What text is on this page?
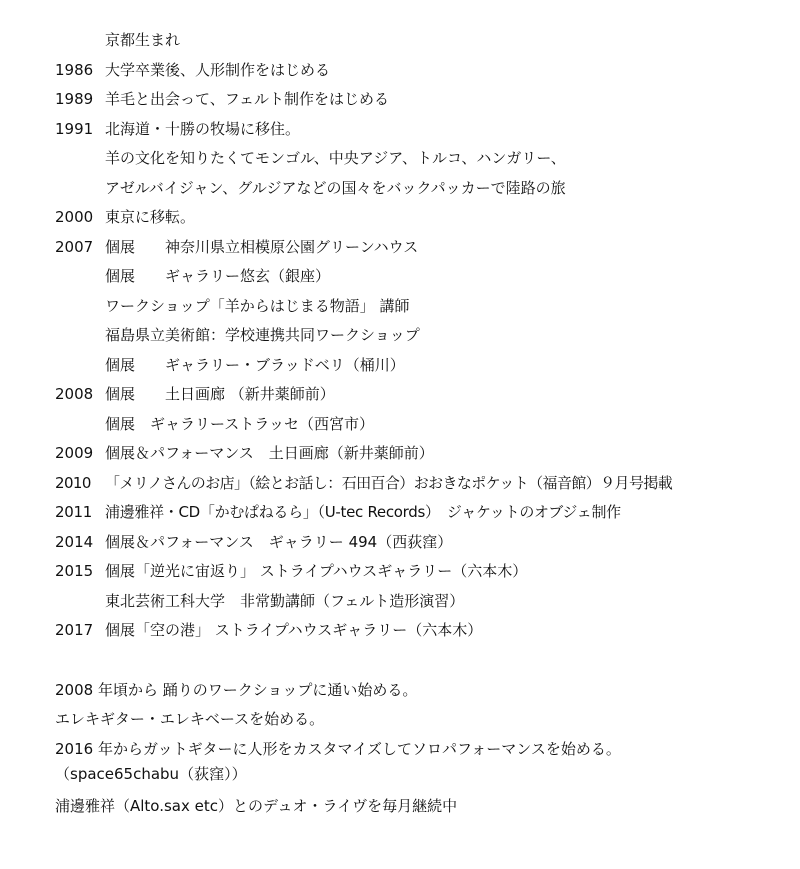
京都生まれ
1986 大学卒業後、人形制作をはじめる
1989 羊毛と出会って、フェルト制作をはじめる
1991 北海道・十勝の牧場に移住。
羊の文化を知りたくてモンゴル、中央アジア、トルコ、ハンガリー、
アゼルバイジャン、グルジアなどの国々をバックパッカーで陸路の旅
2000 東京に移転。
2007 個展　　神奈川県立相模原公園グリーンハウス
個展　　ギャラリー悠玄（銀座）
ワークショップ「羊からはじまる物語」 講師
福島県立美術館：学校連携共同ワークショップ
個展　　ギャラリー・ブラッドベリ（桶川）
2008 個展　　土日画廊 （新井薬師前）
個展　ギャラリーストラッセ（西宮市）
2009 個展＆パフォーマンス　土日画廊（新井薬師前）
2010 「メリノさんのお店」（絵とお話し：石田百合）おおきなポケット（福音館）９月号掲載
2011 浦邊雅祥・CD「かむぱねるら」（U-tec Records）　ジャケットのオブジェ制作
2014 個展＆パフォーマンス　ギャラリー 494（西荻窪）
2015 個展「逆光に宙返り」 ストライプハウスギャラリー（六本木）
東北芸術工科大学　非常勤講師（フェルト造形演習）
2017 個展「空の港」 ストライプハウスギャラリー（六本木）
2008 年頃から 踊りのワークショップに通い始める。
エレキギター・エレキベースを始める。
2016 年からガットギターに人形をカスタマイズしてソロパフォーマンスを始める。
（space65chabu（荻窪））
浦邊雅祥（Alto.sax etc）とのデュオ・ライヴを毎月継続中
